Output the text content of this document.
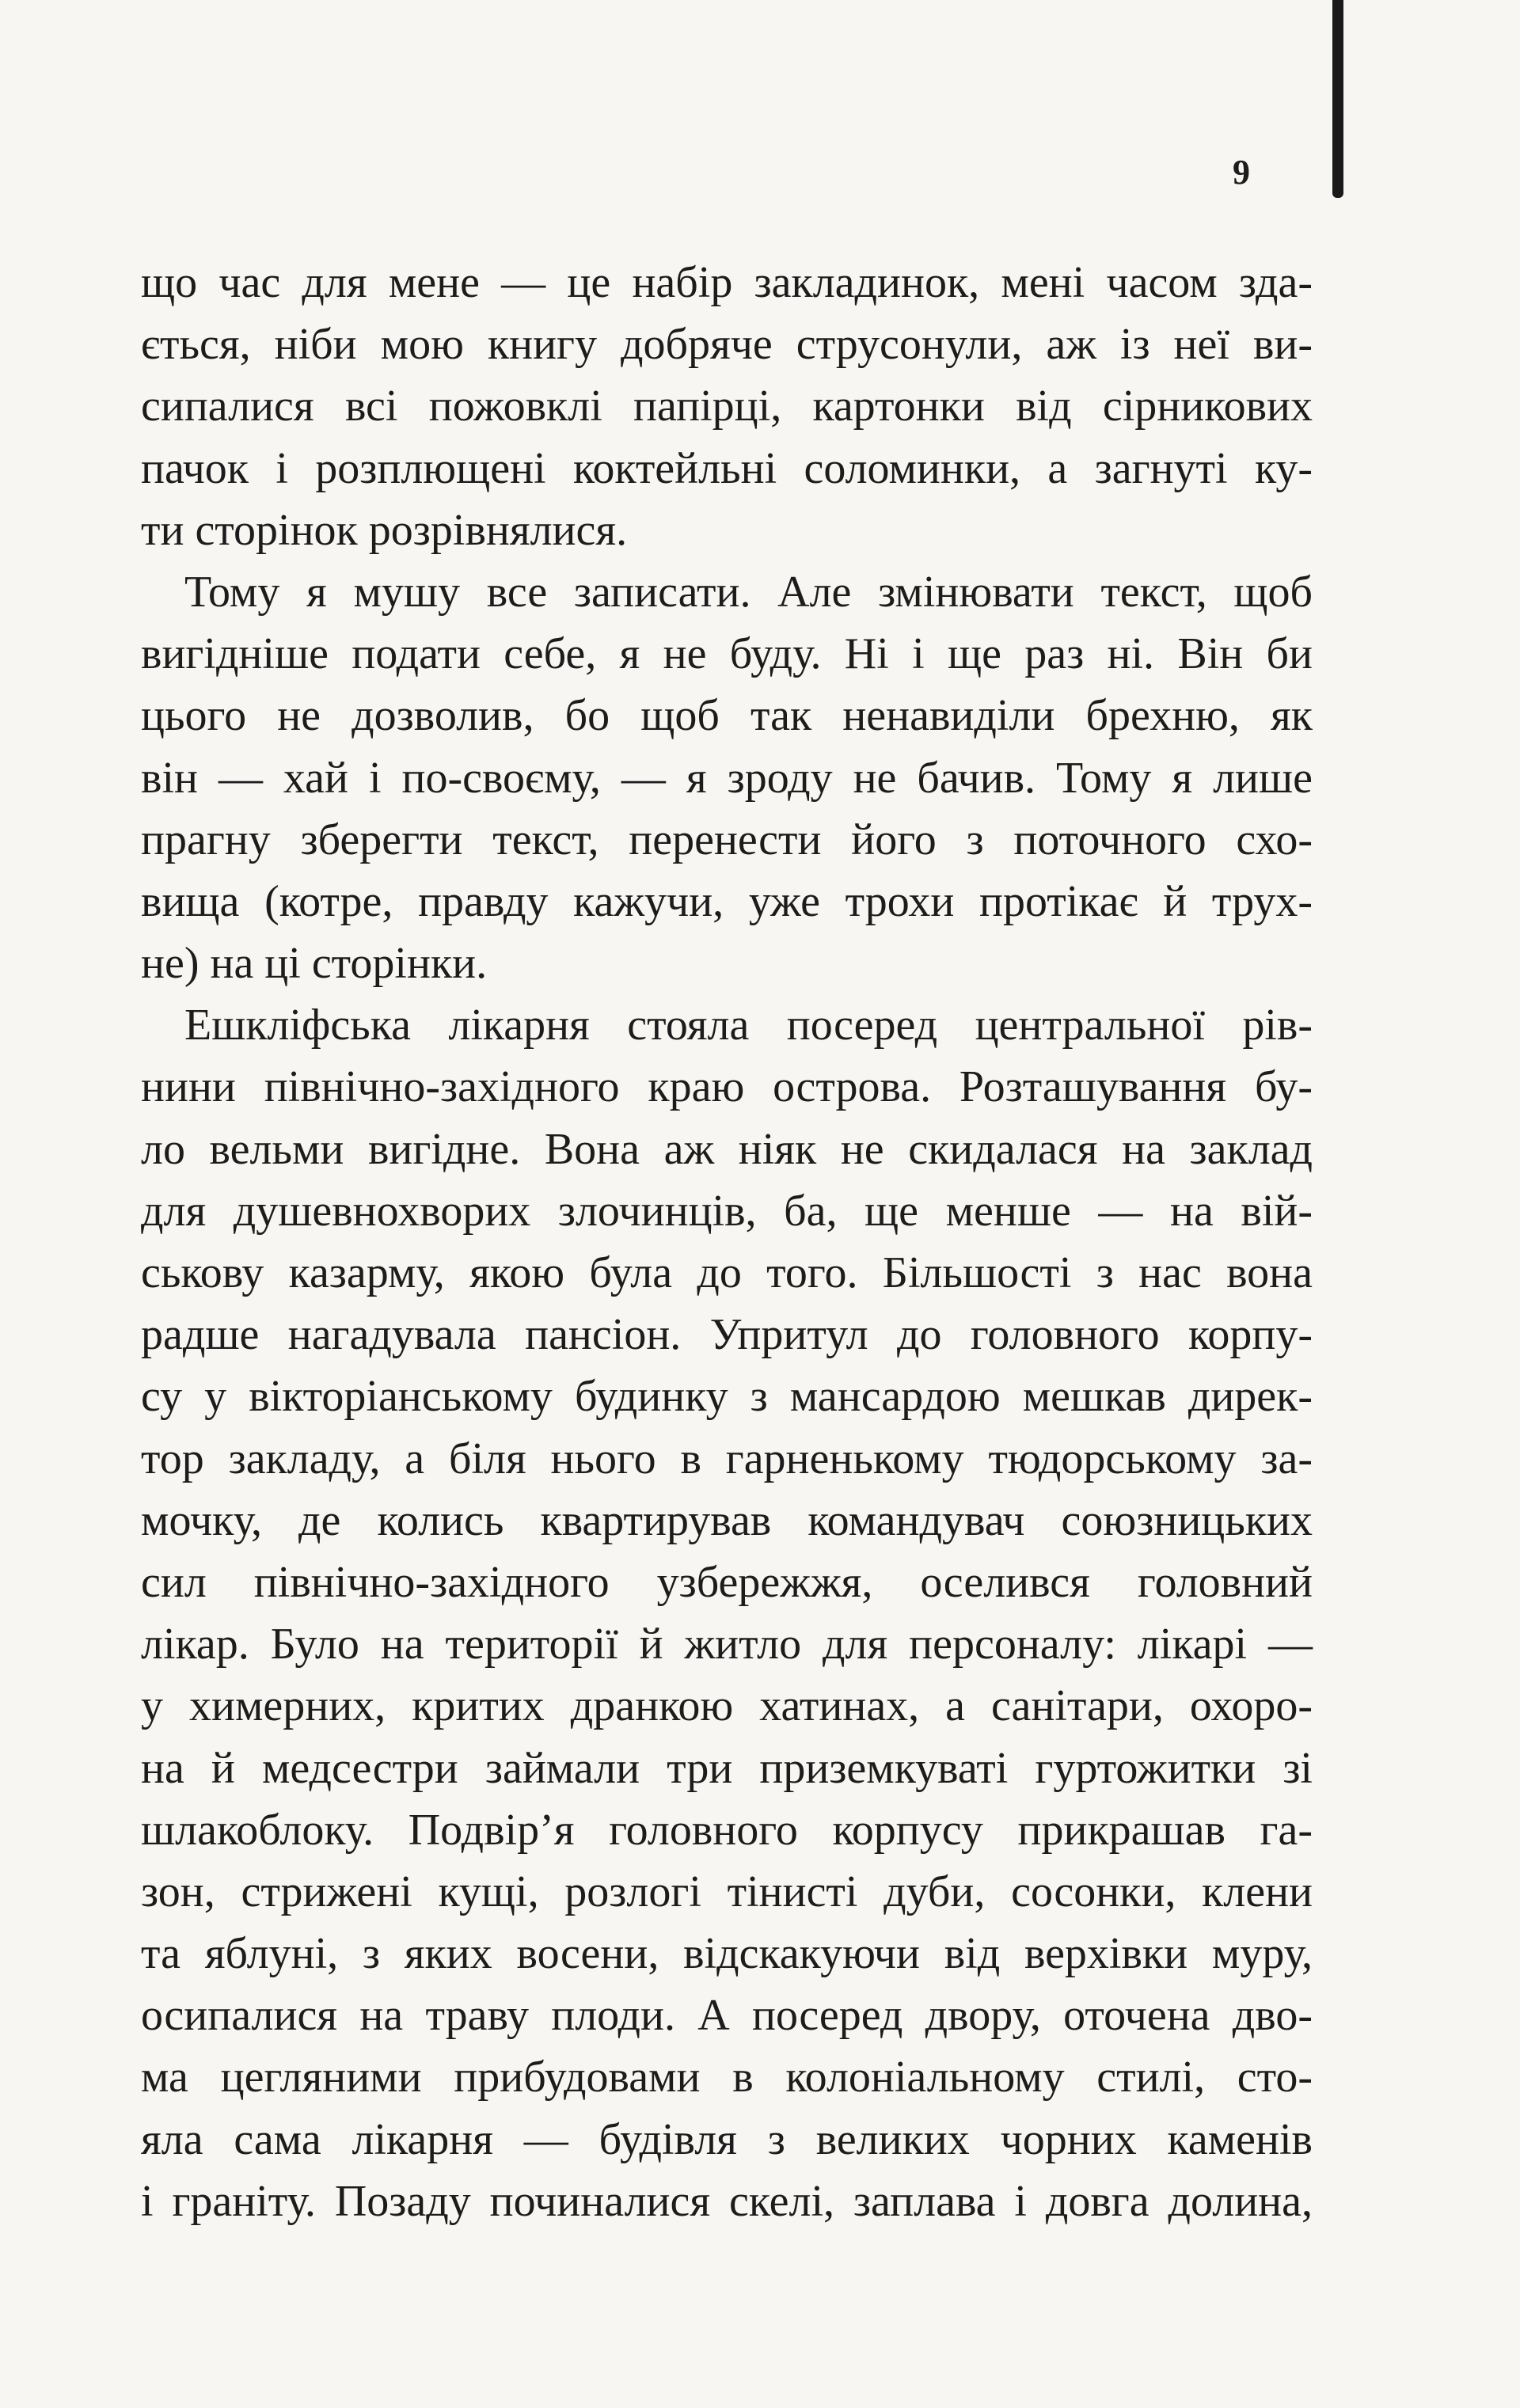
9
що час для мене — це набір закладинок, мені часом зда-
ється, ніби мою книгу добряче струсонули, аж із неї ви-
сипалися всі пожовклі папірці, картонки від сірникових
пачок і розплющені коктейльні соломинки, а загнуті ку-
ти сторінок розрівнялися.
Тому я мушу все записати. Але змінювати текст, щоб
вигідніше подати себе, я не буду. Ні і ще раз ні. Він би
цього не дозволив, бо щоб так ненавиділи брехню, як
він — хай і по-своєму, — я зроду не бачив. Тому я лише
прагну зберегти текст, перенести його з поточного схо-
вища (котре, правду кажучи, уже трохи протікає й трух-
не) на ці сторінки.
Ешкліфська лікарня стояла посеред центральної рів-
нини північно-західного краю острова. Розташування бу-
ло вельми вигідне. Вона аж ніяк не скидалася на заклад
для душевнохворих злочинців, ба, ще менше — на вій-
ськову казарму, якою була до того. Більшості з нас вона
радше нагадувала пансіон. Упритул до головного корпу-
су у вікторіанському будинку з мансардою мешкав дирек-
тор закладу, а біля нього в гарненькому тюдорському за-
мочку, де колись квартирував командувач союзницьких
сил північно-західного узбережжя, оселився головний
лікар. Було на території й житло для персоналу: лікарі —
у химерних, критих дранкою хатинах, а санітари, охоро-
на й медсестри займали три приземкуваті гуртожитки зі
шлакоблоку. Подвір’я головного корпусу прикрашав га-
зон, стрижені кущі, розлогі тінисті дуби, сосонки, клени
та яблуні, з яких восени, відскакуючи від верхівки муру,
осипалися на траву плоди. А посеред двору, оточена дво-
ма цегляними прибудовами в колоніальному стилі, сто-
яла сама лікарня — будівля з великих чорних каменів
і граніту. Позаду починалися скелі, заплава і довга долина,
